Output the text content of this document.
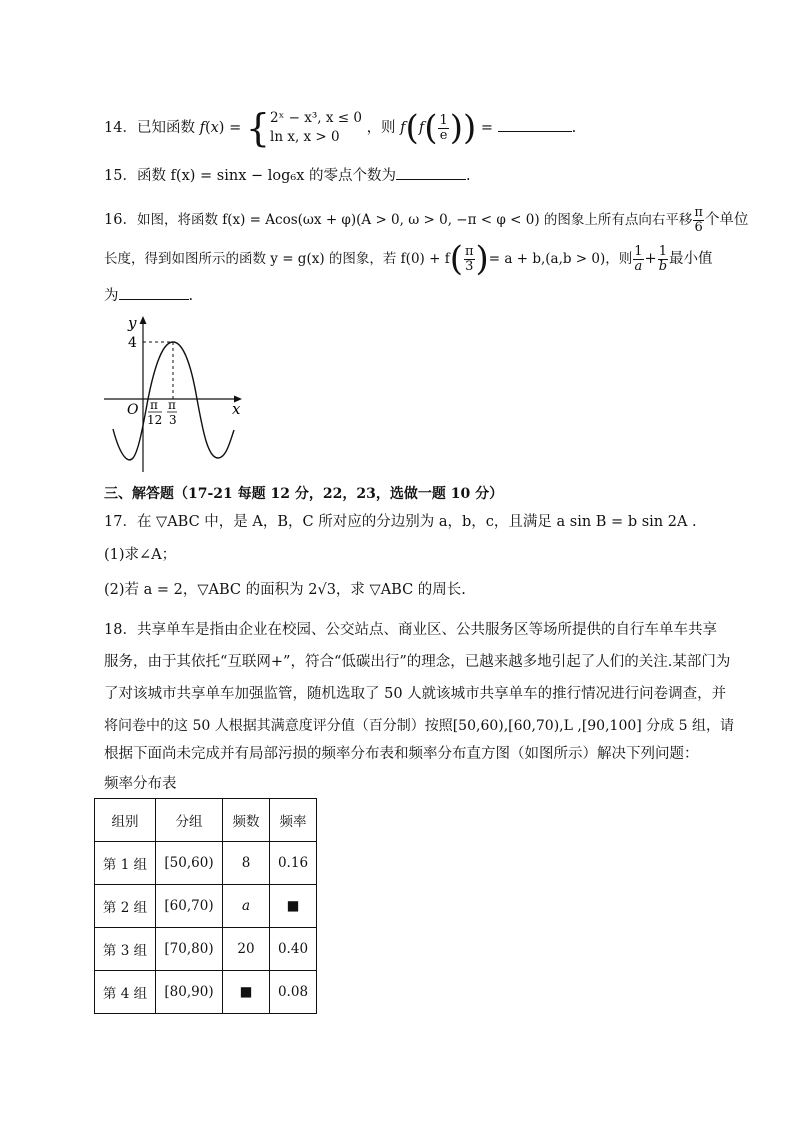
14．已知函数 f(x) = { 2ˣ − x³, x ≤ 0
ln x, x > 0
，则 $f(f( \frac{1}{e}$ )) =	.
15．函数 f(x) = sinx − log₆x 的零点个数为	.
16．如图，将函数 f(x) = Acos(ωx + φ)(A > 0, ω > 0, −π < φ < 0) 的图象上所有点向右平移 $\frac{\pi}{6}$ 个单位
长度，得到如图所示的函数 y = g(x) 的图象，若 $f(0) + f( \frac{\pi}{3}$ )= a + b,(a,b > 0)，则 $\frac{1}{a} + \frac{1}{b}$ 最小值
为	.
y
x
O
4
π
12
π
3
三、解答题（17-21 每题 12 分，22，23，选做一题 10 分）
17．在 ▽ABC 中，是 A，B，C 所对应的分边别为 a，b，c，且满足 a sin B = b sin 2A .
(1)求∠A；
(2)若 a = 2，▽ABC 的面积为 2√3，求 ▽ABC 的周长.
18．共享单车是指由企业在校园、公交站点、商业区、公共服务区等场所提供的自行车单车共享
服务，由于其依托“互联网+”，符合“低碳出行”的理念，已越来越多地引起了人们的关注.某部门为
了对该城市共享单车加强监管，随机选取了 50 人就该城市共享单车的推行情况进行问卷调查，并
将问卷中的这 50 人根据其满意度评分值（百分制）按照[50,60),[60,70),L ,[90,100] 分成 5 组，请
根据下面尚未完成并有局部污损的频率分布表和频率分布直方图（如图所示）解决下列问题：
频率分布表
组别	分组	频数	频率
第 1 组	[50,60)	8	0.16
第 2 组	[60,70)	a	■
第 3 组	[70,80)	20	0.40
第 4 组	[80,90)	■	0.08
